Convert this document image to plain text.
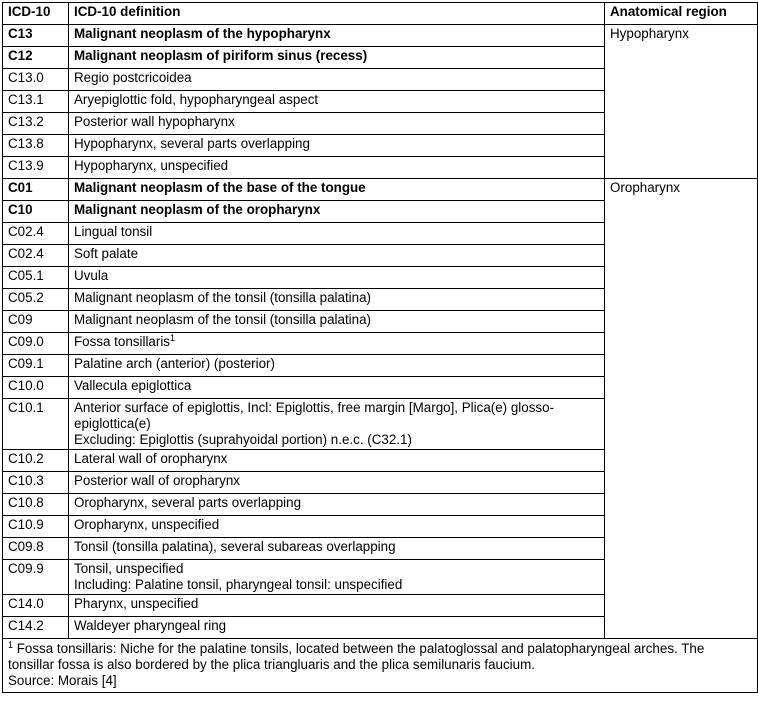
ICD-10	ICD-10 definition	Anatomical region
C13	Malignant neoplasm of the hypopharynx	Hypopharynx
C12	Malignant neoplasm of piriform sinus (recess)	

C13.0	Regio postcricoidea	

C13.1	Aryepiglottic fold, hypopharyngeal aspect	

C13.2	Posterior wall hypopharynx	

C13.8	Hypopharynx, several parts overlapping	

C13.9	Hypopharynx, unspecified	

C01	Malignant neoplasm of the base of the tongue	Oropharynx
C10	Malignant neoplasm of the oropharynx	

C02.4	Lingual tonsil	

C02.4	Soft palate	

C05.1	Uvula	

C05.2	Malignant neoplasm of the tonsil (tonsilla palatina)	

C09	Malignant neoplasm of the tonsil (tonsilla palatina)	

C09.0	Fossa tonsillaris$^1$

C09.1	Palatine arch (anterior) (posterior)	

C10.0	Vallecula epiglottica	

C10.1	Anterior surface of epiglottis, Incl: Epiglottis, free margin [Margo], Plica(e) glosso-epiglottica(e)
Excluding: Epiglottis (suprahyoidal portion) n.e.c. (C32.1)	

C10.2	Lateral wall of oropharynx	

C10.3	Posterior wall of oropharynx	

C10.8	Oropharynx, several parts overlapping	

C10.9	Oropharynx, unspecified	

C09.8	Tonsil (tonsilla palatina), several subareas overlapping	

C09.9	Tonsil, unspecified
Including: Palatine tonsil, pharyngeal tonsil: unspecified	

C14.0	Pharynx, unspecified	

C14.2	Waldeyer pharyngeal ring	

$^1$ Fossa tonsillaris: Niche for the palatine tonsils, located between the palatoglossal and palatopharyngeal arches. The tonsillar fossa is also bordered by the plica triangluaris and the plica semilunaris faucium.
Source: Morais [4]		
